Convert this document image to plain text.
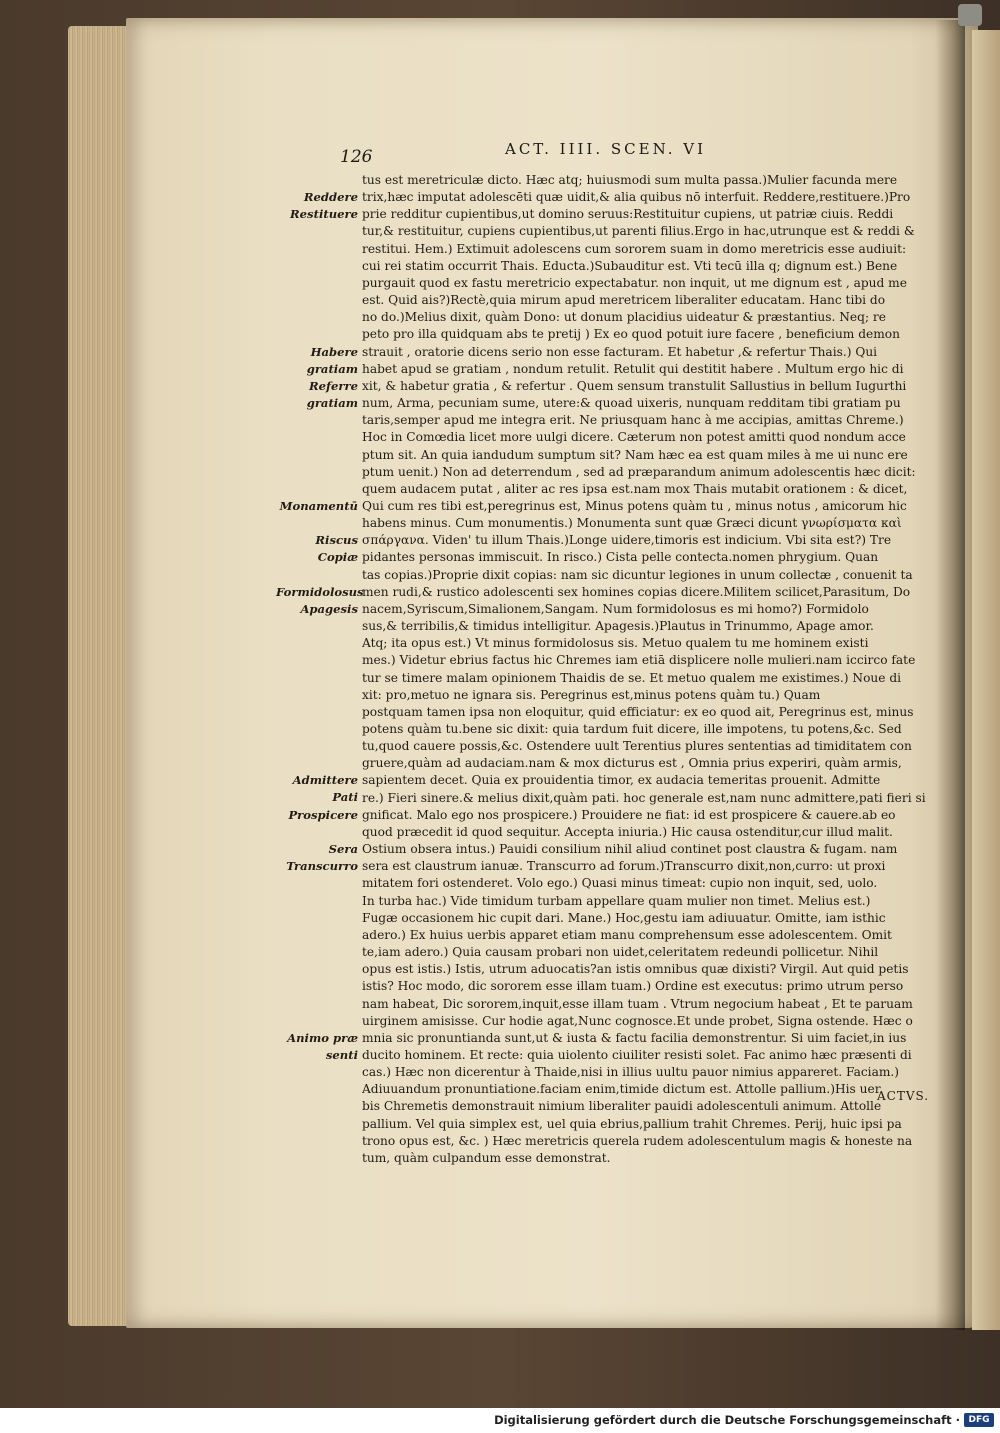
126	ACT. IIII. SCEN. VI
tus est meretriculæ dicto. Hæc atq; huiusmodi sum multa passa.)Mulier facunda mere
trix,hæc imputat adolescēti quæ uidit,& alia quibus nō interfuit. Reddere,restituere.)Pro
prie redditur cupientibus,ut domino seruus:Restituitur cupiens, ut patriæ ciuis. Reddi
tur,& restituitur, cupiens cupientibus,ut parenti filius.Ergo in hac,utrunque est & reddi &
restitui. Hem.) Extimuit adolescens cum sororem suam in domo meretricis esse audiuit:
cui rei statim occurrit Thais. Educta.)Subauditur est. Vti tecū illa q; dignum est.) Bene
purgauit quod ex fastu meretricio expectabatur. non inquit, ut me dignum est , apud me
est. Quid ais?)Rectè,quia mirum apud meretricem liberaliter educatam. Hanc tibi do
no do.)Melius dixit, quàm Dono: ut donum placidius uideatur & præstantius. Neq; re
peto pro illa quidquam abs te pretij ) Ex eo quod potuit iure facere , beneficium demon
strauit , oratorie dicens serio non esse facturam. Et habetur ,& refertur Thais.) Qui
habet apud se gratiam , nondum retulit. Retulit qui destitit habere . Multum ergo hic di
xit, & habetur gratia , & refertur . Quem sensum transtulit Sallustius in bellum Iugurthi
num, Arma, pecuniam sume, utere:& quoad uixeris, nunquam redditam tibi gratiam pu
taris,semper apud me integra erit. Ne priusquam hanc à me accipias, amittas Chreme.)
Hoc in Comœdia licet more uulgi dicere. Cæterum non potest amitti quod nondum acce
ptum sit. An quia iandudum sumptum sit? Nam hæc ea est quam miles à me ui nunc ere
ptum uenit.) Non ad deterrendum , sed ad præparandum animum adolescentis hæc dicit:
quem audacem putat , aliter ac res ipsa est.nam mox Thais mutabit orationem : & dicet,
Qui cum res tibi est,peregrinus est, Minus potens quàm tu , minus notus , amicorum hic
habens minus. Cum monumentis.) Monumenta sunt quæ Græci dicunt γνωρίσματα καὶ
σπάργανα. Viden' tu illum Thais.)Longe uidere,timoris est indicium. Vbi sita est?) Tre
pidantes personas immiscuit. In risco.) Cista pelle contecta.nomen phrygium. Quan
tas copias.)Proprie dixit copias: nam sic dicuntur legiones in unum collectæ , conuenit ta
men rudi,& rustico adolescenti sex homines copias dicere.Militem scilicet,Parasitum, Do
nacem,Syriscum,Simalionem,Sangam. Num formidolosus es mi homo?) Formidolo
sus,& terribilis,& timidus intelligitur. Apagesis.)Plautus in Trinummo, Apage amor.
Atq; ita opus est.) Vt minus formidolosus sis. Metuo qualem tu me hominem existi
mes.) Videtur ebrius factus hic Chremes iam etiā displicere nolle mulieri.nam iccirco fate
tur se timere malam opinionem Thaidis de se. Et metuo qualem me existimes.) Noue di
xit: pro,metuo ne ignara sis. Peregrinus est,minus potens quàm tu.) Quam
postquam tamen ipsa non eloquitur, quid efficiatur: ex eo quod ait, Peregrinus est, minus
potens quàm tu.bene sic dixit: quia tardum fuit dicere, ille impotens, tu potens,&c. Sed
tu,quod cauere possis,&c. Ostendere uult Terentius plures sententias ad timiditatem con
gruere,quàm ad audaciam.nam & mox dicturus est , Omnia prius experiri, quàm armis,
sapientem decet. Quia ex prouidentia timor, ex audacia temeritas prouenit. Admitte
re.) Fieri sinere.& melius dixit,quàm pati. hoc generale est,nam nunc admittere,pati fieri si
gnificat. Malo ego nos prospicere.) Prouidere ne fiat: id est prospicere & cauere.ab eo
quod præcedit id quod sequitur. Accepta iniuria.) Hic causa ostenditur,cur illud malit.
Ostium obsera intus.) Pauidi consilium nihil aliud continet post claustra & fugam. nam
sera est claustrum ianuæ. Transcurro ad forum.)Transcurro dixit,non,curro: ut proxi
mitatem fori ostenderet. Volo ego.) Quasi minus timeat: cupio non inquit, sed, uolo.
In turba hac.) Vide timidum turbam appellare quam mulier non timet. Melius est.)
Fugæ occasionem hic cupit dari. Mane.) Hoc,gestu iam adiuuatur. Omitte, iam isthic
adero.) Ex huius uerbis apparet etiam manu comprehensum esse adolescentem. Omit
te,iam adero.) Quia causam probari non uidet,celeritatem redeundi pollicetur. Nihil
opus est istis.) Istis, utrum aduocatis?an istis omnibus quæ dixisti? Virgil. Aut quid petis
istis? Hoc modo, dic sororem esse illam tuam.) Ordine est executus: primo utrum perso
nam habeat, Dic sororem,inquit,esse illam tuam . Vtrum negocium habeat , Et te paruam
uirginem amisisse. Cur hodie agat,Nunc cognosce.Et unde probet, Signa ostende. Hæc o
mnia sic pronuntianda sunt,ut & iusta & factu facilia demonstrentur. Si uim faciet,in ius
ducito hominem. Et recte: quia uiolento ciuiliter resisti solet. Fac animo hæc præsenti di
cas.) Hæc non dicerentur à Thaide,nisi in illius uultu pauor nimius appareret. Faciam.)
Adiuuandum pronuntiatione.faciam enim,timide dictum est. Attolle pallium.)His uer
bis Chremetis demonstrauit nimium liberaliter pauidi adolescentuli animum. Attolle
pallium. Vel quia simplex est, uel quia ebrius,pallium trahit Chremes. Perij, huic ipsi pa
trono opus est, &c. ) Hæc meretricis querela rudem adolescentulum magis & honeste na
tum, quàm culpandum esse demonstrat.
Reddere
Restituere
Habere
gratiam
Referre
gratiam
Monamentū
Riscus
Copiæ
Formidolosus
Apagesis
Admittere
Pati
Prospicere
Sera
Transcurro
Animo præ
senti
ACTVS.
Digitalisierung gefördert durch die Deutsche Forschungsgemeinschaft · DFG
